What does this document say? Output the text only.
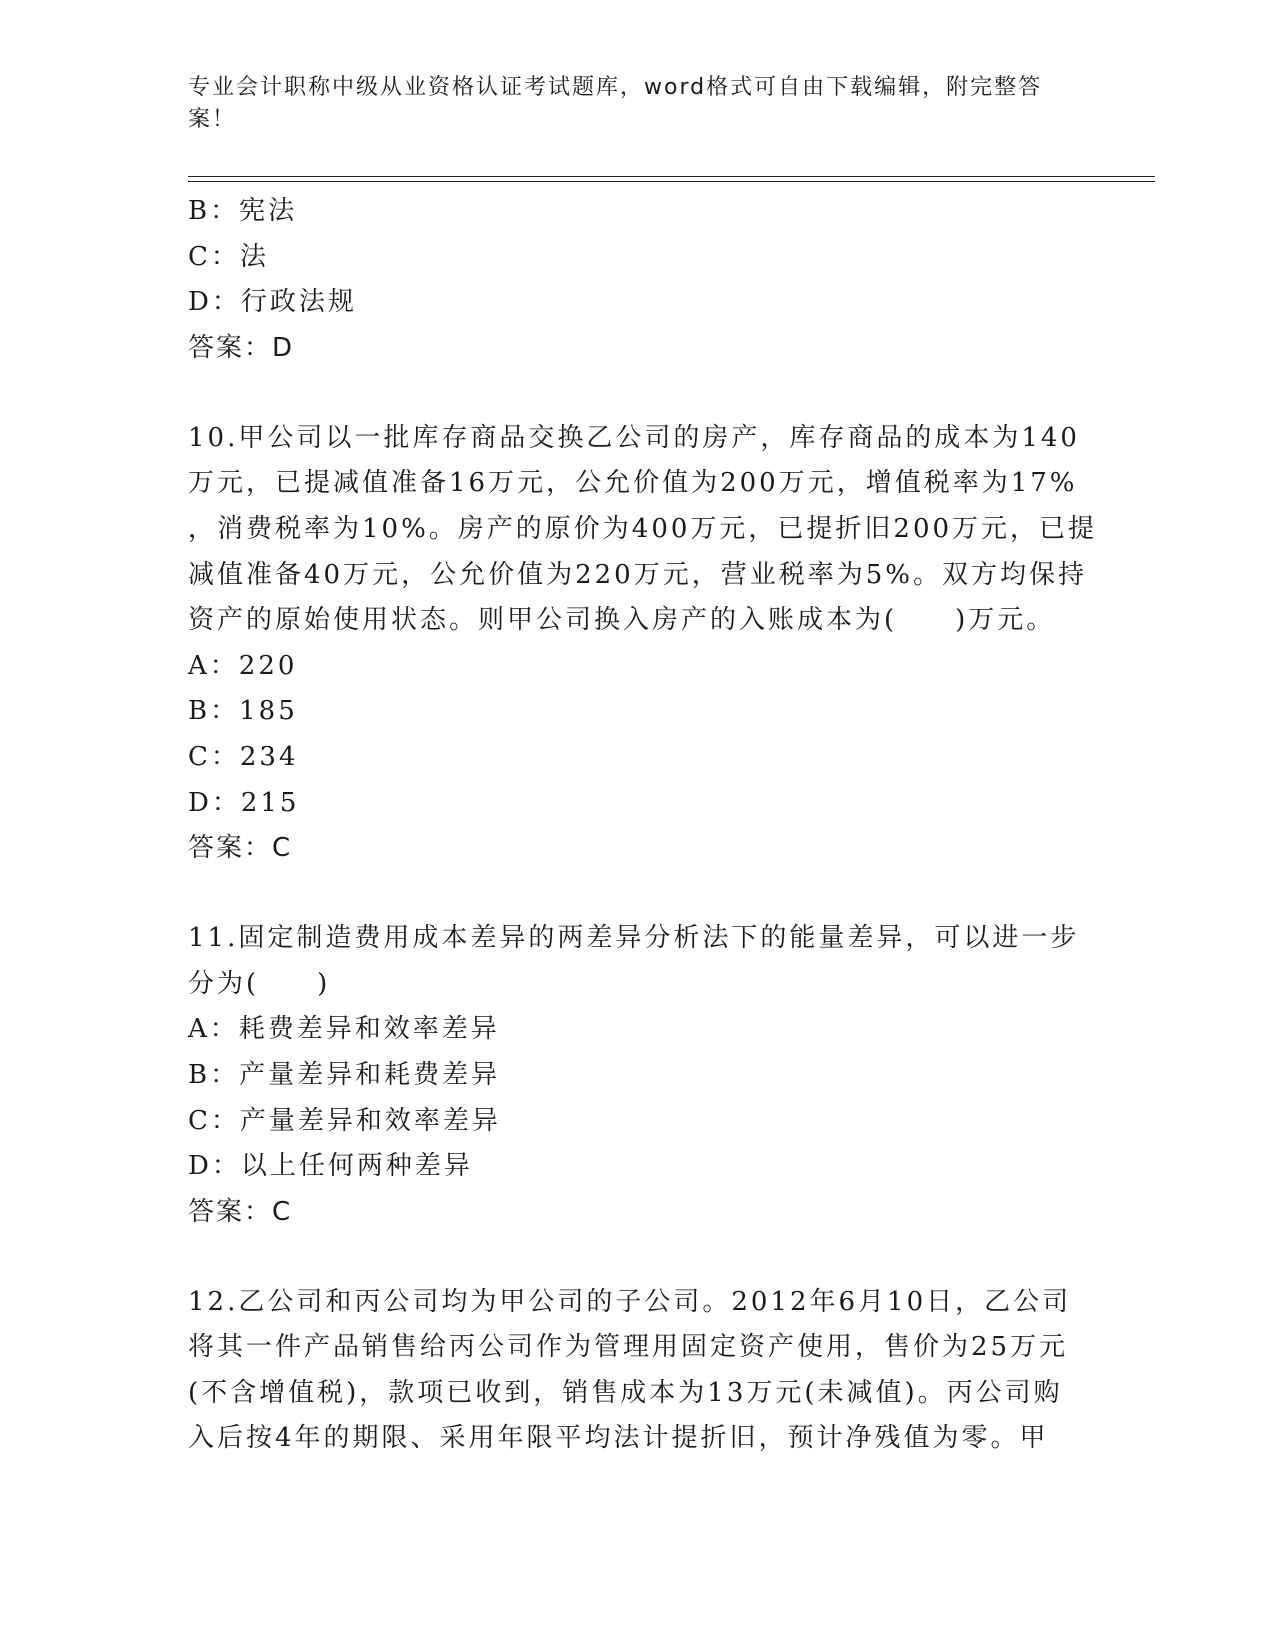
专业会计职称中级从业资格认证考试题库，word格式可自由下载编辑，附完整答
案！
B：宪法
C：法
D：行政法规
答案：D
10.甲公司以一批库存商品交换乙公司的房产，库存商品的成本为140
万元，已提减值准备16万元，公允价值为200万元，增值税率为17%
，消费税率为10%。房产的原价为400万元，已提折旧200万元，已提
减值准备40万元，公允价值为220万元，营业税率为5%。双方均保持
资产的原始使用状态。则甲公司换入房产的入账成本为(　　)万元。
A：220
B：185
C：234
D：215
答案：C
11.固定制造费用成本差异的两差异分析法下的能量差异，可以进一步
分为(　　)
A：耗费差异和效率差异
B：产量差异和耗费差异
C：产量差异和效率差异
D：以上任何两种差异
答案：C
12.乙公司和丙公司均为甲公司的子公司。2012年6月10日，乙公司
将其一件产品销售给丙公司作为管理用固定资产使用，售价为25万元
(不含增值税)，款项已收到，销售成本为13万元(未减值)。丙公司购
入后按4年的期限、采用年限平均法计提折旧，预计净残值为零。甲
